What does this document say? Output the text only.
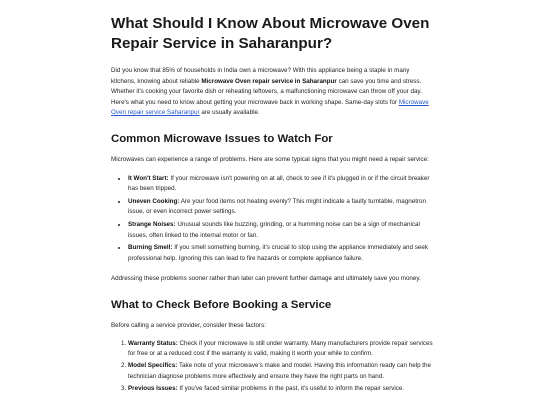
What Should I Know About Microwave Oven Repair Service in Saharanpur?

Did you know that 85% of households in India own a microwave? With this appliance being a staple in many kitchens, knowing about reliable Microwave Oven repair service in Saharanpur can save you time and stress. Whether it's cooking your favorite dish or reheating leftovers, a malfunctioning microwave can throw off your day. Here's what you need to know about getting your microwave back in working shape. Same-day slots for Microwave Oven repair service Saharanpur are usually available.

Common Microwave Issues to Watch For

Microwaves can experience a range of problems. Here are some typical signs that you might need a repair service:

• It Won't Start: If your microwave isn't powering on at all, check to see if it's plugged in or if the circuit breaker has been tripped.
• Uneven Cooking: Are your food items not heating evenly? This might indicate a faulty turntable, magnetron issue, or even incorrect power settings.
• Strange Noises: Unusual sounds like buzzing, grinding, or a humming noise can be a sign of mechanical issues, often linked to the internal motor or fan.
• Burning Smell: If you smell something burning, it's crucial to stop using the appliance immediately and seek professional help. Ignoring this can lead to fire hazards or complete appliance failure.

Addressing these problems sooner rather than later can prevent further damage and ultimately save you money.

What to Check Before Booking a Service

Before calling a service provider, consider these factors:

1. Warranty Status: Check if your microwave is still under warranty. Many manufacturers provide repair services for free or at a reduced cost if the warranty is valid, making it worth your while to confirm.
2. Model Specifics: Take note of your microwave's make and model. Having this information ready can help the technician diagnose problems more effectively and ensure they have the right parts on hand.
3. Previous Issues: If you've faced similar problems in the past, it's useful to inform the repair service.
